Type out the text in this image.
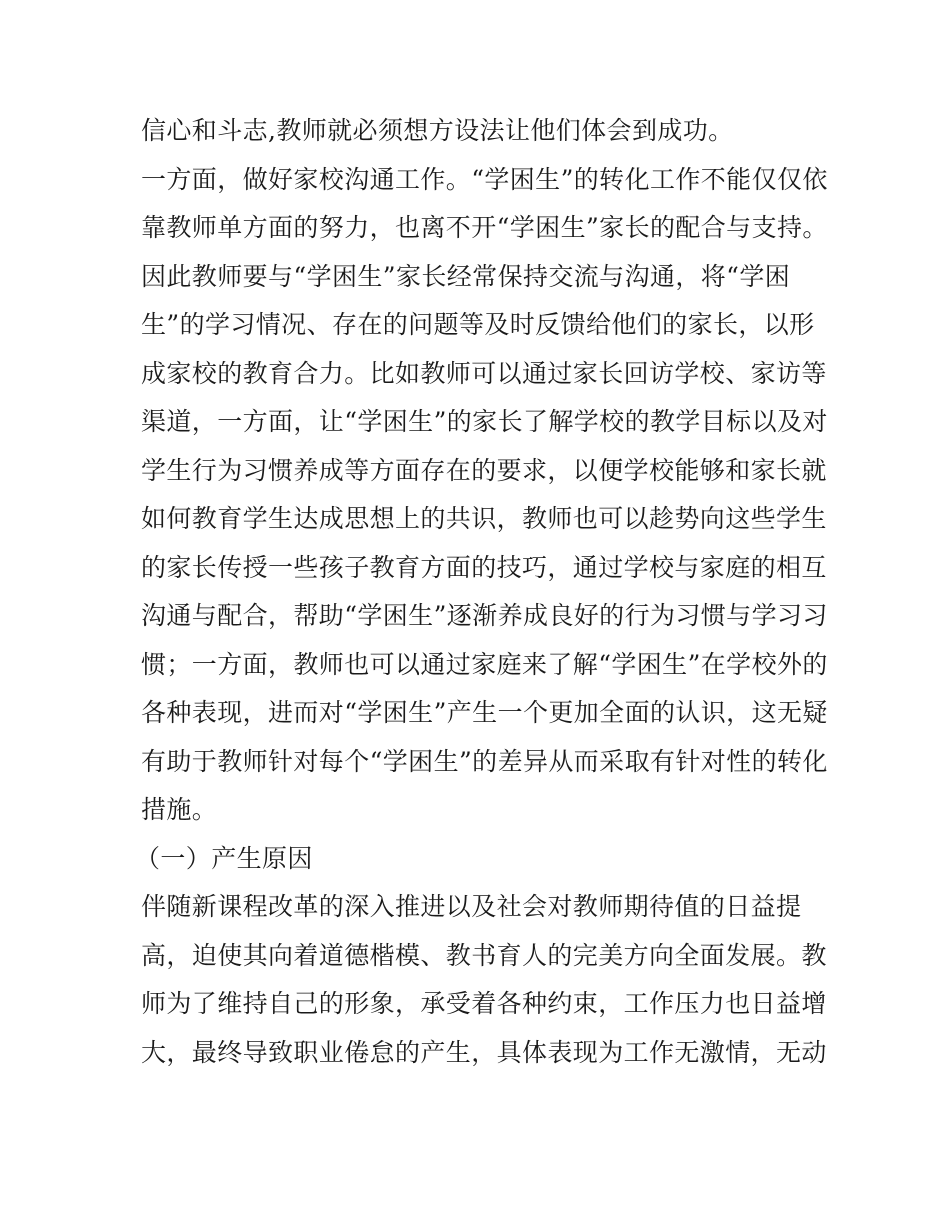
信心和斗志,教师就必须想方设法让他们体会到成功。
一方面，做好家校沟通工作。“学困生”的转化工作不能仅仅依
靠教师单方面的努力，也离不开“学困生”家长的配合与支持。
因此教师要与“学困生”家长经常保持交流与沟通，将“学困
生”的学习情况、存在的问题等及时反馈给他们的家长，以形
成家校的教育合力。比如教师可以通过家长回访学校、家访等
渠道，一方面，让“学困生”的家长了解学校的教学目标以及对
学生行为习惯养成等方面存在的要求，以便学校能够和家长就
如何教育学生达成思想上的共识，教师也可以趁势向这些学生
的家长传授一些孩子教育方面的技巧，通过学校与家庭的相互
沟通与配合，帮助“学困生”逐渐养成良好的行为习惯与学习习
惯；一方面，教师也可以通过家庭来了解“学困生”在学校外的
各种表现，进而对“学困生”产生一个更加全面的认识，这无疑
有助于教师针对每个“学困生”的差异从而采取有针对性的转化
措施。
（一）产生原因
伴随新课程改革的深入推进以及社会对教师期待值的日益提
高，迫使其向着道德楷模、教书育人的完美方向全面发展。教
师为了维持自己的形象，承受着各种约束，工作压力也日益增
大，最终导致职业倦怠的产生，具体表现为工作无激情，无动
